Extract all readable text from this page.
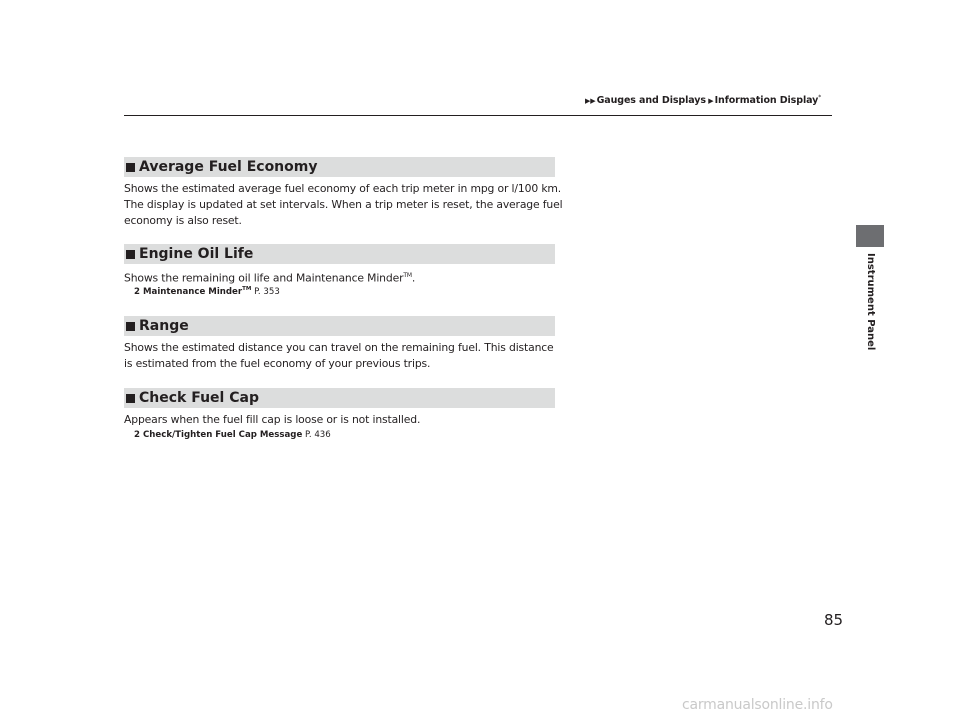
▶▶Gauges and Displays ▶Information Display*
Instrument Panel
Average Fuel Economy
Shows the estimated average fuel economy of each trip meter in mpg or l/100 km. The display is updated at set intervals. When a trip meter is reset, the average fuel economy is also reset.
Engine Oil Life
Shows the remaining oil life and Maintenance Minder™.
2 Maintenance Minder™ P. 353
Range
Shows the estimated distance you can travel on the remaining fuel. This distance is estimated from the fuel economy of your previous trips.
Check Fuel Cap
Appears when the fuel fill cap is loose or is not installed.
2 Check/Tighten Fuel Cap Message P. 436
85
carmanualsonline.info
